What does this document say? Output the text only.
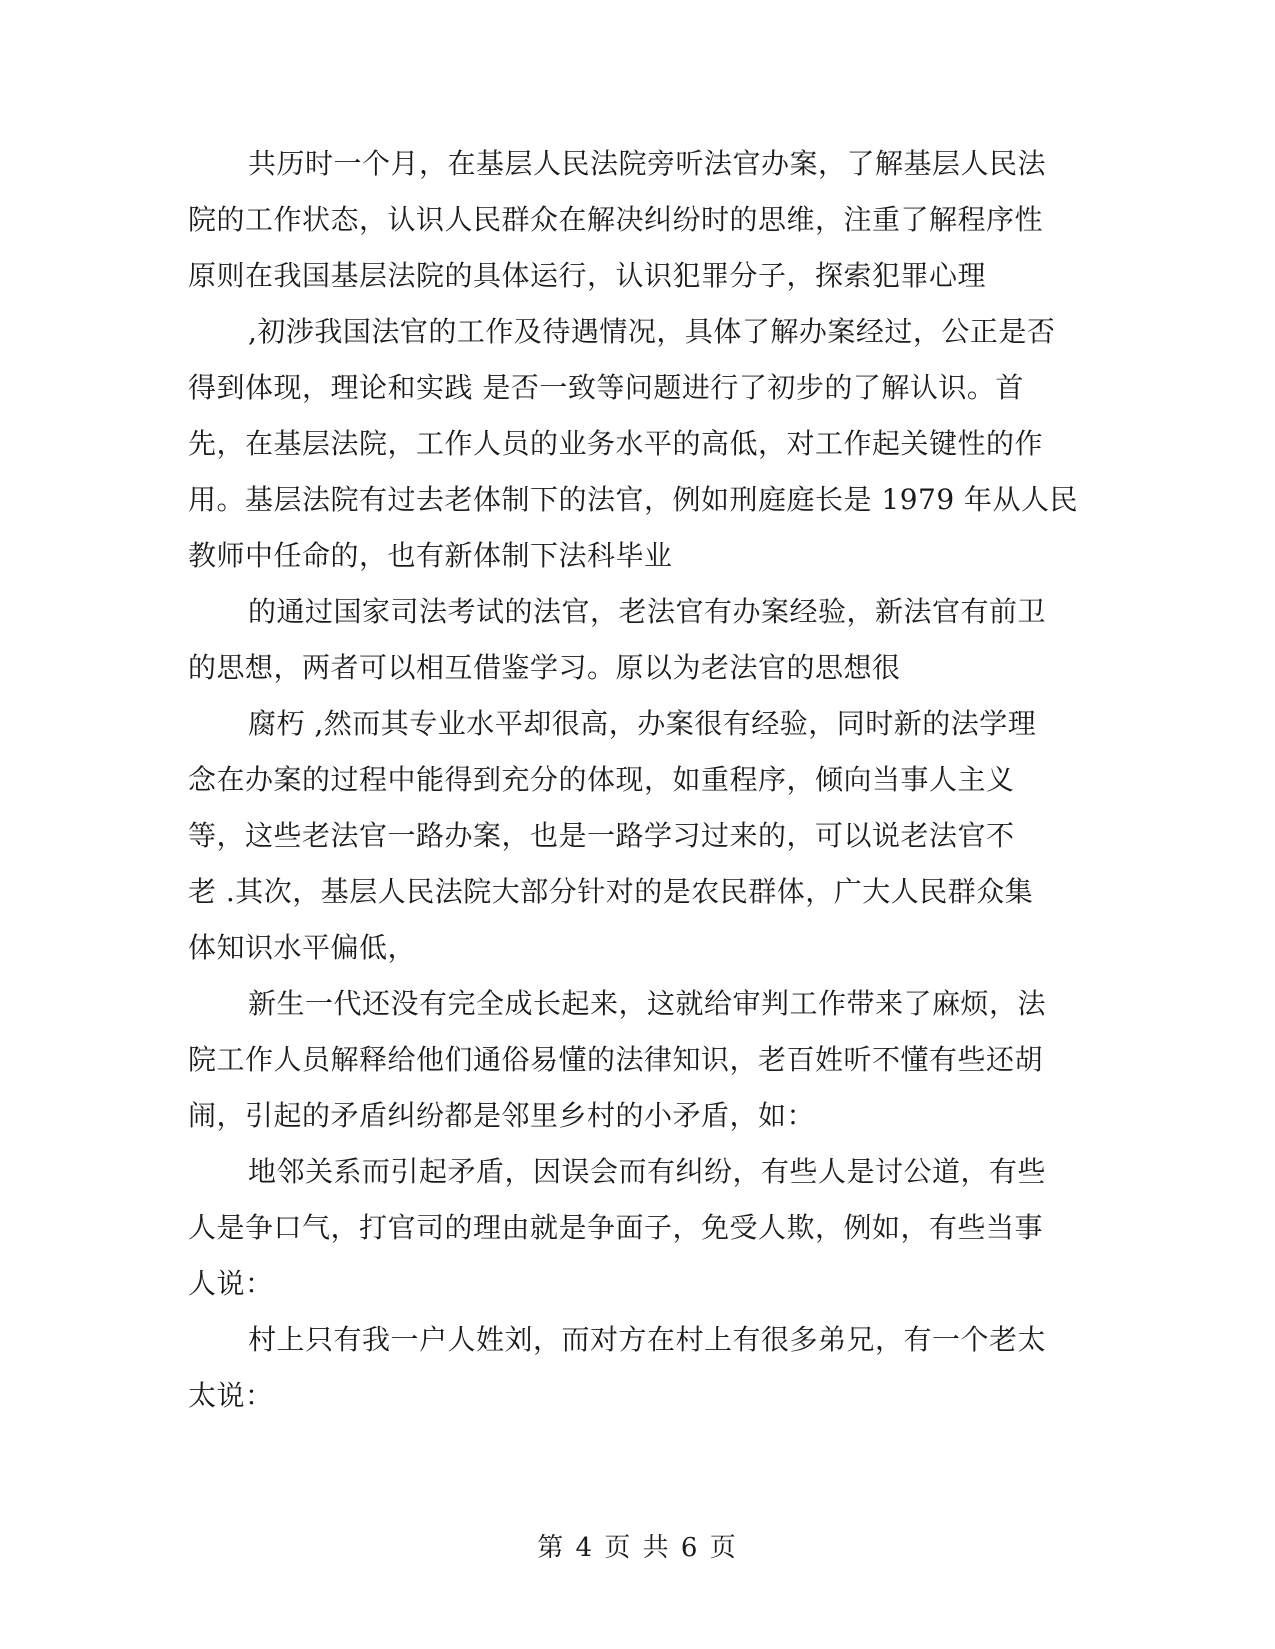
共历时一个月，在基层人民法院旁听法官办案，了解基层人民法
院的工作状态，认识人民群众在解决纠纷时的思维，注重了解程序性
原则在我国基层法院的具体运行，认识犯罪分子，探索犯罪心理
,初涉我国法官的工作及待遇情况，具体了解办案经过，公正是否
得到体现，理论和实践 是否一致等问题进行了初步的了解认识。首
先，在基层法院，工作人员的业务水平的高低，对工作起关键性的作
用。基层法院有过去老体制下的法官，例如刑庭庭长是 1979 年从人民
教师中任命的，也有新体制下法科毕业
的通过国家司法考试的法官，老法官有办案经验，新法官有前卫
的思想，两者可以相互借鉴学习。原以为老法官的思想很
腐朽 ,然而其专业水平却很高，办案很有经验，同时新的法学理
念在办案的过程中能得到充分的体现，如重程序，倾向当事人主义
等，这些老法官一路办案，也是一路学习过来的，可以说老法官不
老 .其次，基层人民法院大部分针对的是农民群体，广大人民群众集
体知识水平偏低，
新生一代还没有完全成长起来，这就给审判工作带来了麻烦，法
院工作人员解释给他们通俗易懂的法律知识，老百姓听不懂有些还胡
闹，引起的矛盾纠纷都是邻里乡村的小矛盾，如：
地邻关系而引起矛盾，因误会而有纠纷，有些人是讨公道，有些
人是争口气，打官司的理由就是争面子，免受人欺，例如，有些当事
人说：
村上只有我一户人姓刘，而对方在村上有很多弟兄，有一个老太
太说：
第 4 页 共 6 页
